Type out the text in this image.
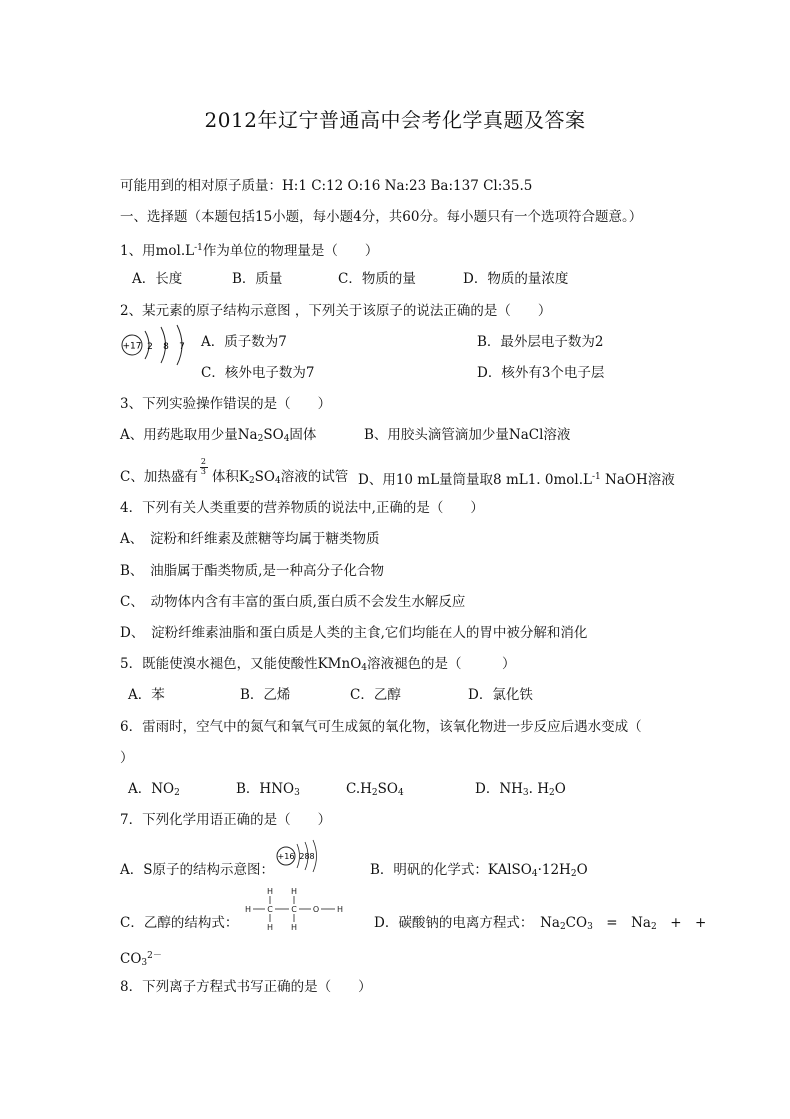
2012年辽宁普通高中会考化学真题及答案
可能用到的相对原子质量：H:1 C:12 O:16 Na:23 Ba:137 Cl:35.5
一、选择题（本题包括15小题，每小题4分，共60分。每小题只有一个选项符合题意。）
1、用$mol.L^{-1}$作为单位的物理量是（　　）
A．长度	B．质量	C．物质的量	D．物质的量浓度
2、某元素的原子结构示意图 ，下列关于该原子的说法正确的是（　　）
+17 2 8 7 A．质子数为7	B．最外层电子数为2
C．核外电子数为7	D．核外有3个电子层
3、下列实验操作错误的是（　　）
A、用药匙取用少量$Na_2SO_4$固体	B、用胶头滴管滴加少量NaCl溶液
C、加热盛有 $\frac{2}{3}$ 体积$K_2SO_4$溶液的试管 D、用10 mL量筒量取8 mL1. $0mol.L^{-1}$ NaOH溶液
4．下列有关人类重要的营养物质的说法中,正确的是（　　）
A、　淀粉和纤维素及蔗糖等均属于糖类物质
B、　油脂属于酯类物质,是一种高分子化合物
C、　动物体内含有丰富的蛋白质,蛋白质不会发生水解反应
D、　淀粉纤维素油脂和蛋白质是人类的主食,它们均能在人的胃中被分解和消化
5．既能使溴水褪色，又能使酸性KMnO$_4$溶液褪色的是（　　　）
A．苯	B．乙烯	C．乙醇	D．氯化铁
6．雷雨时，空气中的氮气和氧气可生成氮的氧化物，该氧化物进一步反应后遇水变成（
）
A．$NO_2$	B．$HNO_3$	$C.H_2SO_4$	D．$NH_3$. $H_2O$
7．下列化学用语正确的是（　　）
A．S原子的结构示意图：
+16 288
B．明矾的化学式：$KAlSO_4\cdot 12H_2O$
C．乙醇的结构式：
H H
H C C O H
H H	D．碳酸钠的电离方程式：　$Na_2CO_3$　=　$Na_2$　+　+
$CO_3^{2-}$
8．下列离子方程式书写正确的是（　　）
